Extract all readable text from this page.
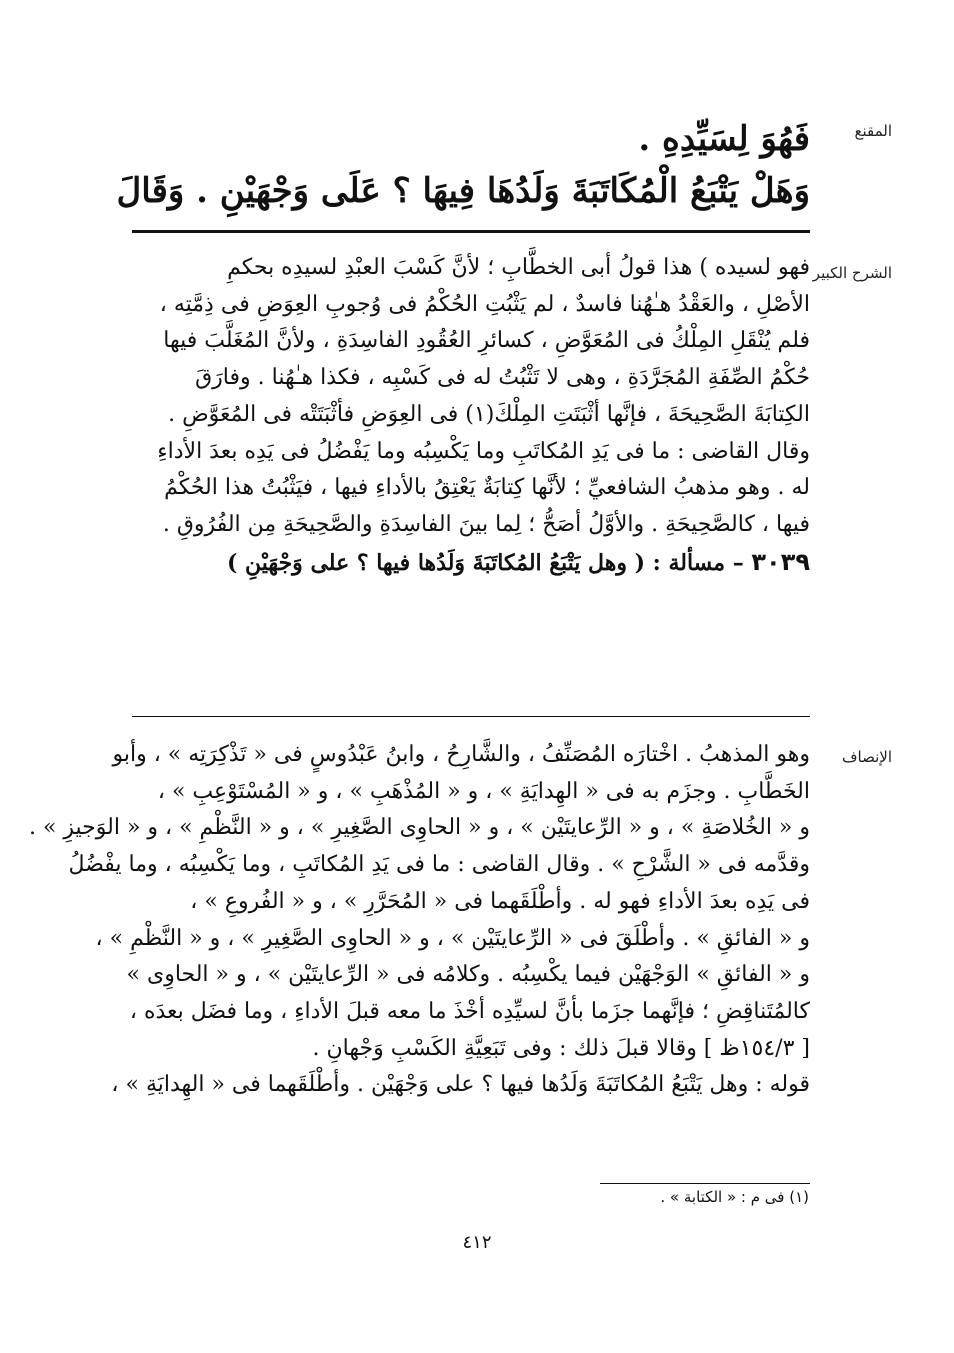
المقنع
فَهُوَ لِسَيِّدِهِ .
وَهَلْ يَتْبَعُ الْمُكَاتَبَةَ وَلَدُهَا فِيهَا ؟ عَلَى وَجْهَيْنِ . وَقَالَ
الشرح الكبير
فهو لسيده ) هذا قولُ أبى الخطَّابِ ؛ لأنَّ كَسْبَ العبْدِ لسيدِه بحكمِ
الأصْلِ ، والعَقْدُ هـٰهُنا فاسدٌ ، لم يَثْبُتِ الحُكْمُ فى وُجوبِ العِوَضِ فى ذِمَّتِه ،
فلم يُنْقَلِ المِلْكُ فى المُعَوَّضِ ، كسائرِ العُقُودِ الفاسِدَةِ ، ولأنَّ المُغَلَّبَ فيها
حُكْمُ الصِّفَةِ المُجَرَّدَةِ ، وهى لا تَثْبُتُ له فى كَسْبِه ، فكذا هـٰهُنا . وفارَقَ
الكِتابَةَ الصَّحِيحَةَ ، فإنَّها أثْبَتَتِ المِلْكَ(١) فى العِوَضِ فأثْبَتَتْه فى المُعَوَّضِ .
وقال القاضى : ما فى يَدِ المُكاتَبِ وما يَكْسِبُه وما يَفْضُلُ فى يَدِه بعدَ الأداءِ
له . وهو مذهبُ الشافعيِّ ؛ لأنَّها كِتابَةٌ يَعْتِقُ بالأداءِ فيها ، فيَثْبُتُ هذا الحُكْمُ
فيها ، كالصَّحِيحَةِ . والأوَّلُ أصَحُّ ؛ لِما بينَ الفاسِدَةِ والصَّحِيحَةِ مِن الفُرُوقِ .
٣٠٣٩ – مسألة : ( وهل يَتْبَعُ المُكاتَبَةَ وَلَدُها فيها ؟ على وَجْهَيْنِ )
الإنصاف
وهو المذهبُ . اخْتارَه المُصَنِّفُ ، والشَّارِحُ ، وابنُ عَبْدُوسٍ فى « تَذْكِرَتِه » ، وأبو
الخَطَّابِ . وجزَم به فى « الهِدايَةِ » ، و « المُذْهَبِ » ، و « المُسْتَوْعِبِ » ،
و « الخُلاصَةِ » ، و « الرِّعايتَيْن » ، و « الحاوِى الصَّغِيرِ » ، و « النَّظْمِ » ، و « الوَجيزِ » .
وقدَّمه فى « الشَّرْحِ » . وقال القاضى : ما فى يَدِ المُكاتَبِ ، وما يَكْسِبُه ، وما يفْضُلُ
فى يَدِه بعدَ الأداءِ فهو له . وأطْلَقَهما فى « المُحَرَّرِ » ، و « الفُروعِ » ،
و « الفائقِ » . وأطْلَقَ فى « الرِّعايتَيْن » ، و « الحاوِى الصَّغِيرِ » ، و « النَّظْمِ » ،
و « الفائقِ » الوَجْهَيْن فيما يكْسِبُه . وكلامُه فى « الرِّعايتَيْن » ، و « الحاوِى »
كالمُتَناقِضِ ؛ فإنَّهما جزَما بأنَّ لسيِّدِه أخْذَ ما معه قبلَ الأداءِ ، وما فضَل بعدَه ،
[ ١٥٤/٣ظ ] وقالا قبلَ ذلك : وفى تَبَعِيَّةِ الكَسْبِ وَجْهانِ .
قوله : وهل يَتْبَعُ المُكاتَبَةَ وَلَدُها فيها ؟ على وَجْهَيْن . وأطْلَقَهما فى « الهِدايَةِ » ،
(١) فى م : « الكتابة » .
٤١٢
